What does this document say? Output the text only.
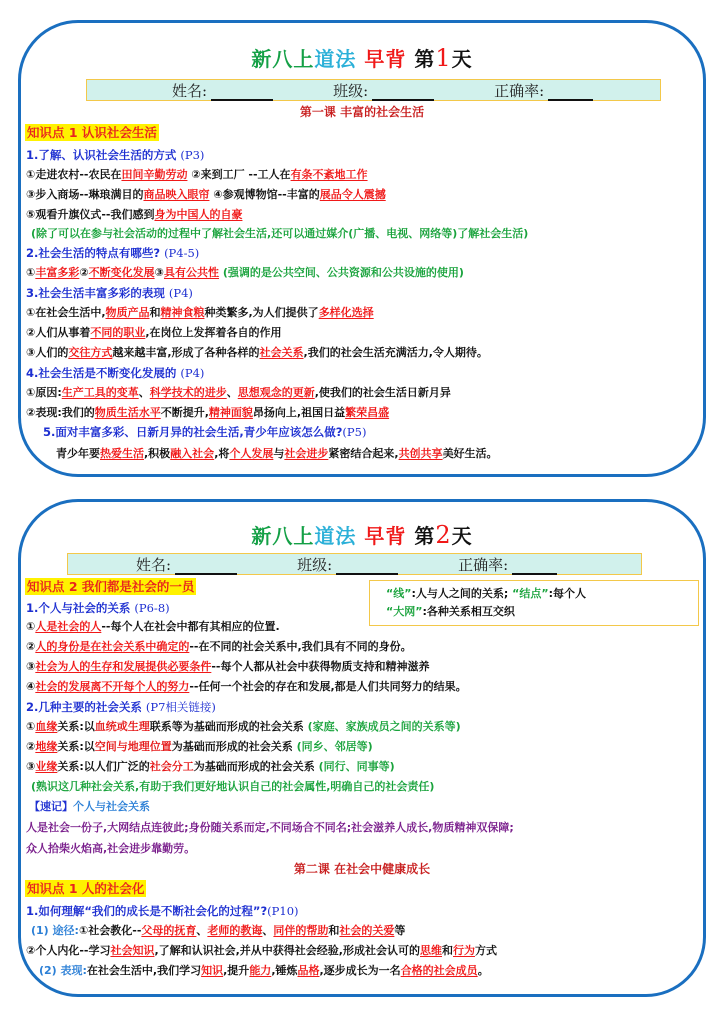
新八上道法 早背 第1天
姓名:	班级:	正确率:
第一课 丰富的社会生活
知识点 1 认识社会生活
1.了解、认识社会生活的方式 (P3)
①走进农村--农民在田间辛勤劳动 ②来到工厂 --工人在有条不紊地工作
③步入商场--琳琅满目的商品映入眼帘 ④参观博物馆--丰富的展品令人震撼
⑤观看升旗仪式--我们感到身为中国人的自豪
(除了可以在参与社会活动的过程中了解社会生活,还可以通过媒介(广播、电视、网络等)了解社会生活)
2.社会生活的特点有哪些? (P4-5)
①丰富多彩②不断变化发展③具有公共性 (强调的是公共空间、公共资源和公共设施的使用)
3.社会生活丰富多彩的表现 (P4)
①在社会生活中,物质产品和精神食粮种类繁多,为人们提供了多样化选择
②人们从事着不同的职业,在岗位上发挥着各自的作用
③人们的交往方式越来越丰富,形成了各种各样的社会关系,我们的社会生活充满活力,令人期待。
4.社会生活是不断变化发展的 (P4)
①原因:生产工具的变革、科学技术的进步、思想观念的更新,使我们的社会生活日新月异
②表现:我们的物质生活水平不断提升,精神面貌昂扬向上,祖国日益繁荣昌盛
5.面对丰富多彩、日新月异的社会生活,青少年应该怎么做?(P5)
青少年要热爱生活,积极融入社会,将个人发展与社会进步紧密结合起来,共创共享美好生活。
新八上道法 早背 第2天
姓名:	班级:	正确率:
知识点 2 我们都是社会的一员	“线”:人与人之间的关系; “结点”:每个人
“大网”:各种关系相互交织
1.个人与社会的关系 (P6-8)
①人是社会的人--每个人在社会中都有其相应的位置.
②人的身份是在社会关系中确定的--在不同的社会关系中,我们具有不同的身份。
③社会为人的生存和发展提供必要条件--每个人都从社会中获得物质支持和精神滋养
④社会的发展离不开每个人的努力--任何一个社会的存在和发展,都是人们共同努力的结果。
2.几种主要的社会关系 (P7相关链接)
①血缘关系:以血统或生理联系等为基础而形成的社会关系 (家庭、家族成员之间的关系等)
②地缘关系:以空间与地理位置为基础而形成的社会关系 (同乡、邻居等)
③业缘关系:以人们广泛的社会分工为基础而形成的社会关系 (同行、同事等)
(熟识这几种社会关系,有助于我们更好地认识自己的社会属性,明确自己的社会责任)
【速记】个人与社会关系
人是社会一份子,大网结点连彼此;身份随关系而定,不同场合不同名;社会滋养人成长,物质精神双保障;
众人拾柴火焰高,社会进步靠勤劳。
第二课 在社会中健康成长
知识点 1 人的社会化
1.如何理解“我们的成长是不断社会化的过程”?(P10)
(1) 途径:①社会教化--父母的抚育、老师的教诲、同伴的帮助和社会的关爱等
②个人内化--学习社会知识,了解和认识社会,并从中获得社会经验,形成社会认可的思维和行为方式
(2) 表现:在社会生活中,我们学习知识,提升能力,锤炼品格,逐步成长为一名合格的社会成员。
